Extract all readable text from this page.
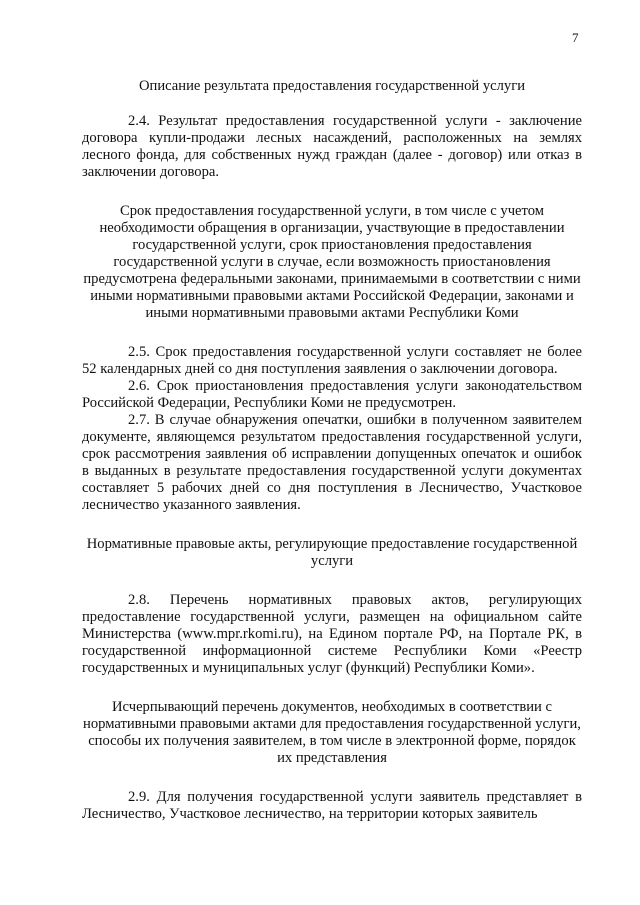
7

Описание результата предоставления государственной услуги

2.4. Результат предоставления государственной услуги - заключение договора купли-продажи лесных насаждений, расположенных на землях лесного фонда, для собственных нужд граждан (далее - договор) или отказ в заключении договора.

Срок предоставления государственной услуги, в том числе с учетом необходимости обращения в организации, участвующие в предоставлении государственной услуги, срок приостановления предоставления государственной услуги в случае, если возможность приостановления предусмотрена федеральными законами, принимаемыми в соответствии с ними иными нормативными правовыми актами Российской Федерации, законами и иными нормативными правовыми актами Республики Коми

2.5. Срок предоставления государственной услуги составляет не более 52 календарных дней со дня поступления заявления о заключении договора.

2.6. Срок приостановления предоставления услуги законодательством Российской Федерации, Республики Коми не предусмотрен.

2.7. В случае обнаружения опечатки, ошибки в полученном заявителем документе, являющемся результатом предоставления государственной услуги, срок рассмотрения заявления об исправлении допущенных опечаток и ошибок в выданных в результате предоставления государственной услуги документах составляет 5 рабочих дней со дня поступления в Лесничество, Участковое лесничество указанного заявления.

Нормативные правовые акты, регулирующие предоставление государственной услуги

2.8. Перечень нормативных правовых актов, регулирующих предоставление государственной услуги, размещен на официальном сайте Министерства (www.mpr.rkomi.ru), на Едином портале РФ, на Портале РК, в государственной информационной системе Республики Коми «Реестр государственных и муниципальных услуг (функций) Республики Коми».

Исчерпывающий перечень документов, необходимых в соответствии с нормативными правовыми актами для предоставления государственной услуги, способы их получения заявителем, в том числе в электронной форме, порядок их представления

2.9. Для получения государственной услуги заявитель представляет в Лесничество, Участковое лесничество, на территории которых заявитель
